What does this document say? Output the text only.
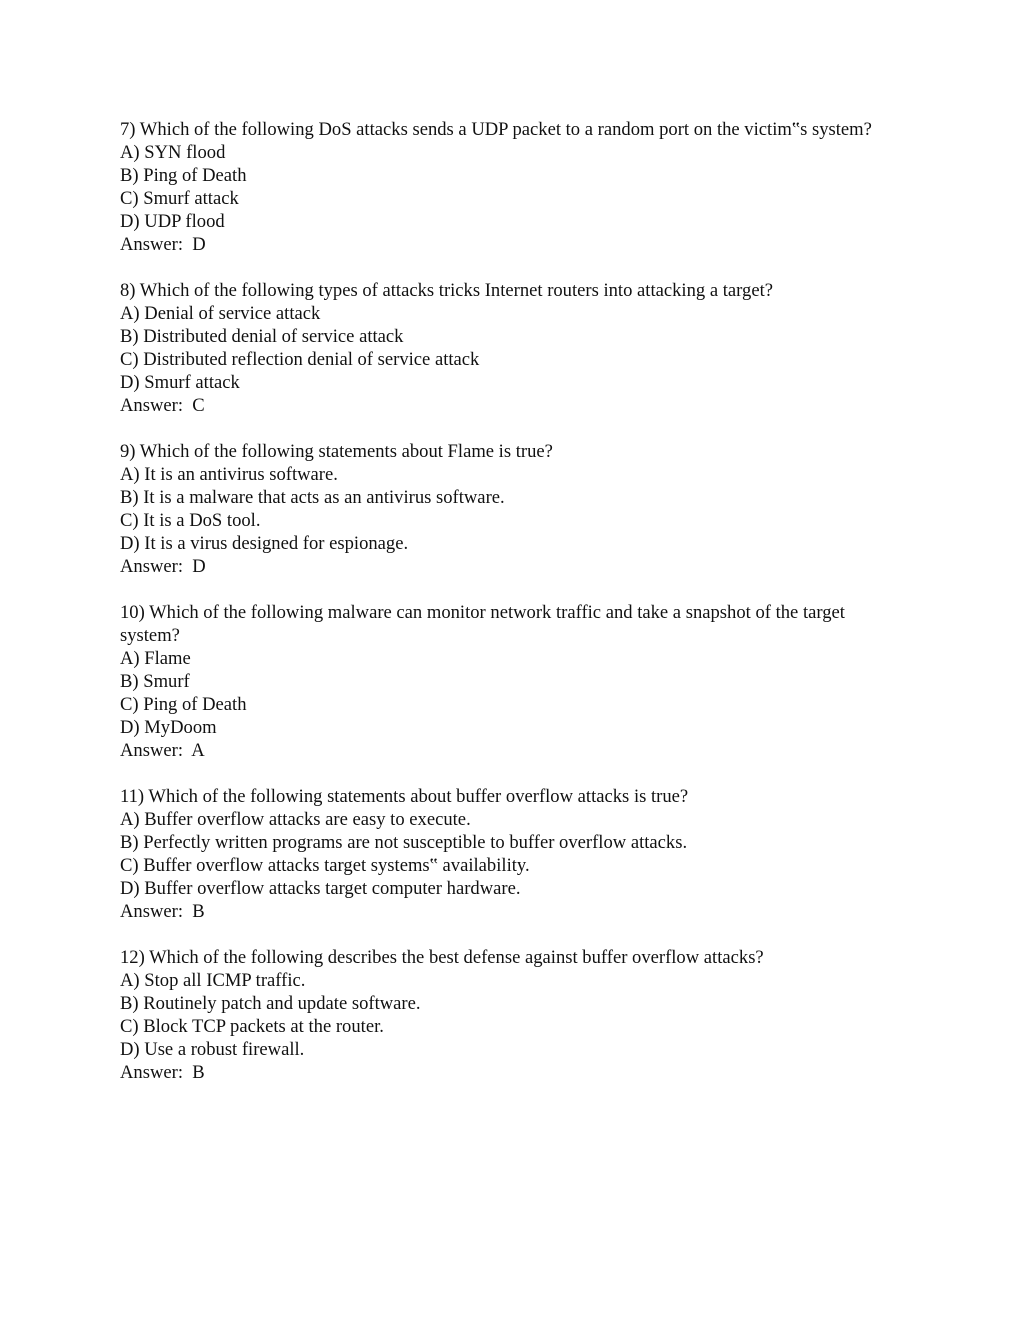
7) Which of the following DoS attacks sends a UDP packet to a random port on the victim‟s system?
A) SYN flood
B) Ping of Death
C) Smurf attack
D) UDP flood
Answer:  D
8) Which of the following types of attacks tricks Internet routers into attacking a target?
A) Denial of service attack
B) Distributed denial of service attack
C) Distributed reflection denial of service attack
D) Smurf attack
Answer:  C
9) Which of the following statements about Flame is true?
A) It is an antivirus software.
B) It is a malware that acts as an antivirus software.
C) It is a DoS tool.
D) It is a virus designed for espionage.
Answer:  D
10) Which of the following malware can monitor network traffic and take a snapshot of the target system?
A) Flame
B) Smurf
C) Ping of Death
D) MyDoom
Answer:  A
11) Which of the following statements about buffer overflow attacks is true?
A) Buffer overflow attacks are easy to execute.
B) Perfectly written programs are not susceptible to buffer overflow attacks.
C) Buffer overflow attacks target systems‟ availability.
D) Buffer overflow attacks target computer hardware.
Answer:  B
12) Which of the following describes the best defense against buffer overflow attacks?
A) Stop all ICMP traffic.
B) Routinely patch and update software.
C) Block TCP packets at the router.
D) Use a robust firewall.
Answer:  B
